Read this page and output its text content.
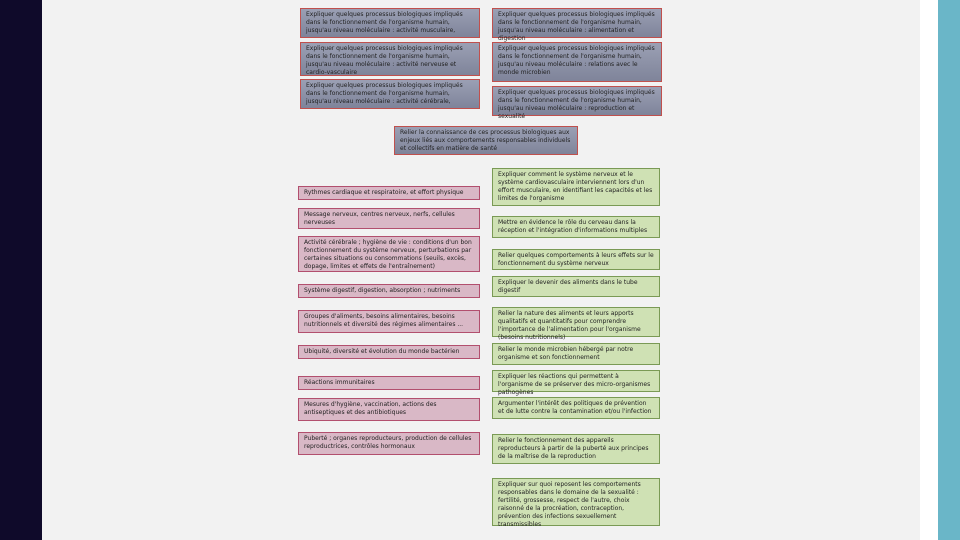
Expliquer quelques processus biologiques impliqués dans le fonctionnement de l'organisme humain, jusqu'au niveau moléculaire : activité musculaire,
Expliquer quelques processus biologiques impliqués dans le fonctionnement de l'organisme humain, jusqu'au niveau moléculaire : alimentation et digestion
Expliquer quelques processus biologiques impliqués dans le fonctionnement de l'organisme humain, jusqu'au niveau moléculaire : activité nerveuse et cardio-vasculaire
Expliquer quelques processus biologiques impliqués dans le fonctionnement de l'organisme humain, jusqu'au niveau moléculaire : relations avec le monde microbien
Expliquer quelques processus biologiques impliqués dans le fonctionnement de l'organisme humain, jusqu'au niveau moléculaire : activité cérébrale,
Expliquer quelques processus biologiques impliqués dans le fonctionnement de l'organisme humain, jusqu'au niveau moléculaire : reproduction et sexualité
Relier la connaissance de ces processus biologiques aux enjeux liés aux comportements responsables individuels et collectifs en matière de santé
Rythmes cardiaque et respiratoire, et effort physique
Message nerveux, centres nerveux, nerfs, cellules nerveuses
Activité cérébrale ; hygiène de vie : conditions d'un bon fonctionnement du système nerveux, perturbations par certaines situations ou consommations (seuils, excès, dopage, limites et effets de l'entraînement)
Système digestif, digestion, absorption ; nutriments
Groupes d'aliments, besoins alimentaires, besoins nutritionnels et diversité des régimes alimentaires ...
Ubiquité, diversité et évolution du monde bactérien
Réactions immunitaires
Mesures d'hygiène, vaccination, actions des antiseptiques et des antibiotiques
Puberté ; organes reproducteurs, production de cellules reproductrices, contrôles hormonaux
Expliquer comment le système nerveux et le système cardiovasculaire interviennent lors d'un effort musculaire, en identifiant les capacités et les limites de l'organisme
Mettre en évidence le rôle du cerveau dans la réception et l'intégration d'informations multiples
Relier quelques comportements à leurs effets sur le fonctionnement du système nerveux
Expliquer le devenir des aliments dans le tube digestif
Relier la nature des aliments et leurs apports qualitatifs et quantitatifs pour comprendre l'importance de l'alimentation pour l'organisme (besoins nutritionnels)
Relier le monde microbien hébergé par notre organisme et son fonctionnement
Expliquer les réactions qui permettent à l'organisme de se préserver des micro-organismes pathogènes
Argumenter l'intérêt des politiques de prévention et de lutte contre la contamination et/ou l'infection
Relier le fonctionnement des appareils reproducteurs à partir de la puberté aux principes de la maîtrise de la reproduction
Expliquer sur quoi reposent les comportements responsables dans le domaine de la sexualité : fertilité, grossesse, respect de l'autre, choix raisonné de la procréation, contraception, prévention des infections sexuellement transmissibles
